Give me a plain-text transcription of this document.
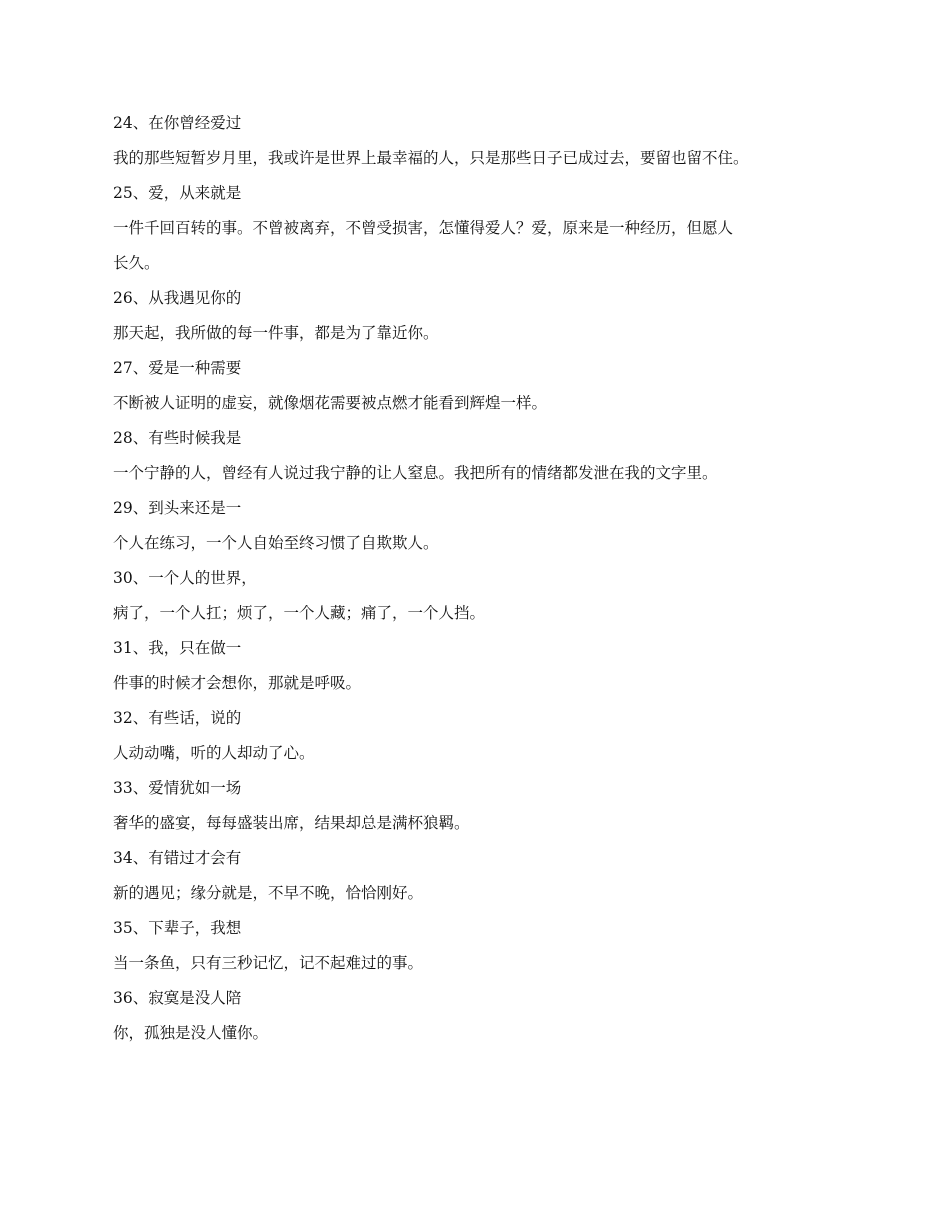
24、在你曾经爱过

我的那些短暂岁月里，我或许是世界上最幸福的人，只是那些日子已成过去，要留也留不住。

25、爱，从来就是

一件千回百转的事。不曾被离弃，不曾受损害，怎懂得爱人？爱，原来是一种经历，但愿人

长久。

26、从我遇见你的

那天起，我所做的每一件事，都是为了靠近你。

27、爱是一种需要

不断被人证明的虚妄，就像烟花需要被点燃才能看到辉煌一样。

28、有些时候我是

一个宁静的人，曾经有人说过我宁静的让人窒息。我把所有的情绪都发泄在我的文字里。

29、到头来还是一

个人在练习，一个人自始至终习惯了自欺欺人。

30、一个人的世界，

病了，一个人扛；烦了，一个人藏；痛了，一个人挡。

31、我，只在做一

件事的时候才会想你，那就是呼吸。

32、有些话，说的

人动动嘴，听的人却动了心。

33、爱情犹如一场

奢华的盛宴，每每盛装出席，结果却总是满杯狼羁。

34、有错过才会有

新的遇见；缘分就是，不早不晚，恰恰刚好。

35、下辈子，我想

当一条鱼，只有三秒记忆，记不起难过的事。

36、寂寞是没人陪

你，孤独是没人懂你。
